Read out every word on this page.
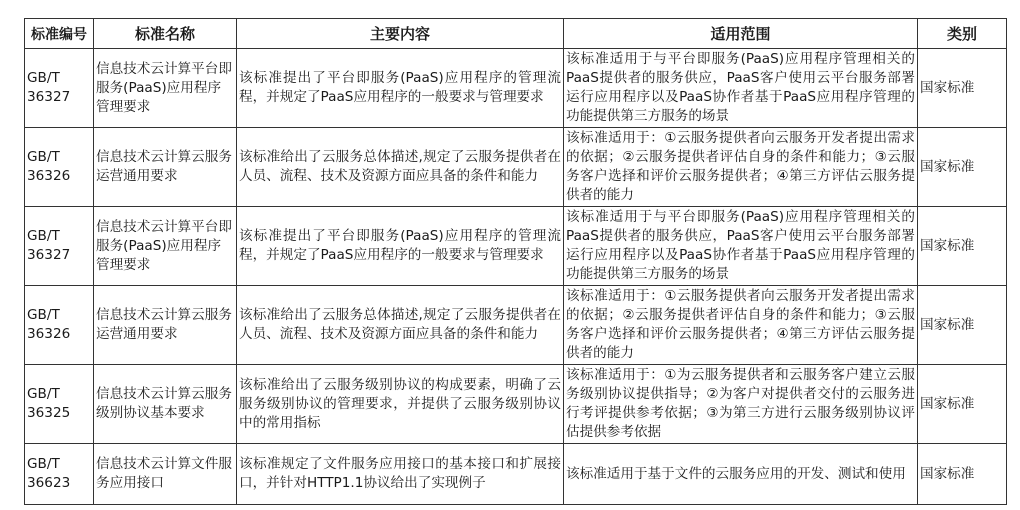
标准编号	标准名称	主要内容	适用范围	类别
GB/T 36327	信息技术云计算平台即服务(PaaS)应用程序管理要求	该标准提出了平台即服务(PaaS)应用程序的管理流程，并规定了PaaS应用程序的一般要求与管理要求	该标准适用于与平台即服务(PaaS)应用程序管理相关的PaaS提供者的服务供应，PaaS客户使用云平台服务部署运行应用程序以及PaaS协作者基于PaaS应用程序管理的功能提供第三方服务的场景	国家标准
GB/T 36326	信息技术云计算云服务运营通用要求	该标准给出了云服务总体描述,规定了云服务提供者在人员、流程、技术及资源方面应具备的条件和能力	该标准适用于：①云服务提供者向云服务开发者提出需求的依据；②云服务提供者评估自身的条件和能力；③云服务客户选择和评价云服务提供者；④第三方评估云服务提供者的能力	国家标准
GB/T 36327	信息技术云计算平台即服务(PaaS)应用程序管理要求	该标准提出了平台即服务(PaaS)应用程序的管理流程，并规定了PaaS应用程序的一般要求与管理要求	该标准适用于与平台即服务(PaaS)应用程序管理相关的PaaS提供者的服务供应，PaaS客户使用云平台服务部署运行应用程序以及PaaS协作者基于PaaS应用程序管理的功能提供第三方服务的场景	国家标准
GB/T 36326	信息技术云计算云服务运营通用要求	该标准给出了云服务总体描述,规定了云服务提供者在人员、流程、技术及资源方面应具备的条件和能力	该标准适用于：①云服务提供者向云服务开发者提出需求的依据；②云服务提供者评估自身的条件和能力；③云服务客户选择和评价云服务提供者；④第三方评估云服务提供者的能力	国家标准
GB/T 36325	信息技术云计算云服务级别协议基本要求	该标准给出了云服务级别协议的构成要素，明确了云服务级别协议的管理要求，并提供了云服务级别协议中的常用指标	该标准适用于：①为云服务提供者和云服务客户建立云服务级别协议提供指导；②为客户对提供者交付的云服务进行考评提供参考依据；③为第三方进行云服务级别协议评估提供参考依据	国家标准
GB/T 36623	信息技术云计算文件服务应用接口	该标准规定了文件服务应用接口的基本接口和扩展接口，并针对HTTP1.1协议给出了实现例子	该标准适用于基于文件的云服务应用的开发、测试和使用	国家标准
